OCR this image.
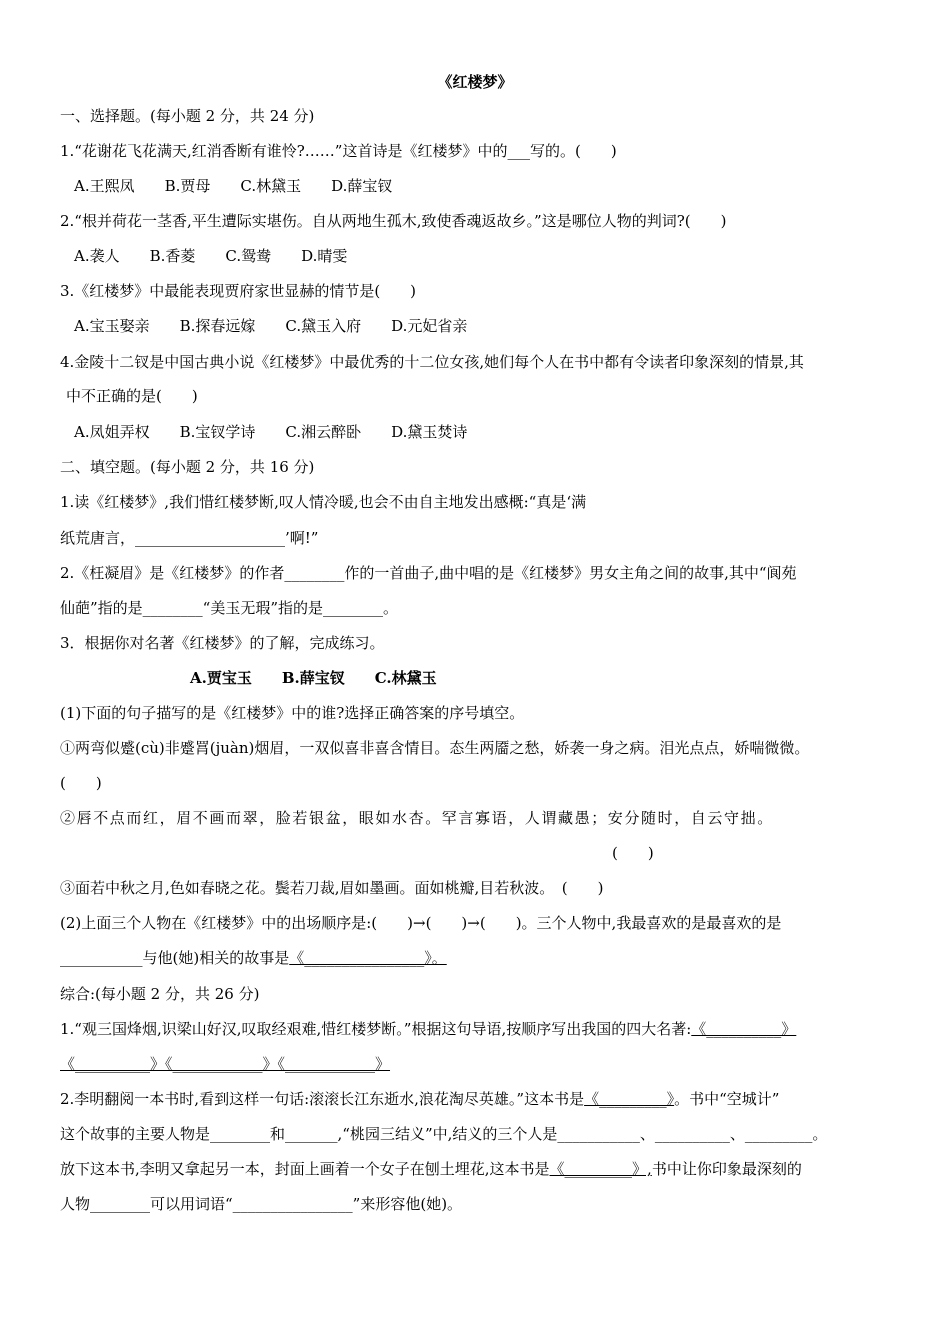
《红楼梦》
一、选择题。(每小题 2 分，共 24 分)
1.“花谢花飞花满天,红消香断有谁怜?……”这首诗是《红楼梦》中的___写的。(　　)
A.王熙凤　　B.贾母　　C.林黛玉　　D.薛宝钗
2.“根并荷花一茎香,平生遭际实堪伤。自从两地生孤木,致使香魂返故乡。”这是哪位人物的判词?(　　)
A.袭人　　B.香菱　　C.鸳鸯　　D.晴雯
3.《红楼梦》中最能表现贾府家世显赫的情节是(　　)
A.宝玉娶亲　　B.探春远嫁　　C.黛玉入府　　D.元妃省亲
4.金陵十二钗是中国古典小说《红楼梦》中最优秀的十二位女孩,她们每个人在书中都有令读者印象深刻的情景,其
中不正确的是(　　)
A.凤姐弄权　　B.宝钗学诗　　C.湘云醉卧　　D.黛玉焚诗
二、填空题。(每小题 2 分，共 16 分)
1.读《红楼梦》,我们惜红楼梦断,叹人情冷暖,也会不由自主地发出感概:“真是‘满
纸荒唐言，____________________’啊!”
2.《枉凝眉》是《红楼梦》的作者________作的一首曲子,曲中唱的是《红楼梦》男女主角之间的故事,其中“阆苑
仙葩”指的是________“美玉无瑕”指的是________。
3．根据你对名著《红楼梦》的了解，完成练习。
A.贾宝玉　　B.薛宝钗　　C.林黛玉
(1)下面的句子描写的是《红楼梦》中的谁?选择正确答案的序号填空。
①两弯似蹙(cù)非蹙罥(juàn)烟眉，一双似喜非喜含情目。态生两靥之愁，娇袭一身之病。泪光点点，娇喘微微。
(　　)
②唇不点而红，眉不画而翠，脸若银盆，眼如水杏。罕言寡语，人谓藏愚；安分随时，自云守拙。
(　　)
③面若中秋之月,色如春晓之花。鬓若刀裁,眉如墨画。面如桃瓣,目若秋波。　(　　)
(2)上面三个人物在《红楼梦》中的出场顺序是:(　　)→(　　)→(　　)。三个人物中,我最喜欢的是最喜欢的是
___________与他(她)相关的故事是《________________》。
综合:(每小题 2 分，共 26 分)
1.“观三国烽烟,识梁山好汉,叹取经艰难,惜红楼梦断。”根据这句导语,按顺序写出我国的四大名著:《__________》
《__________》《____________》《____________》
2.李明翻阅一本书时,看到这样一句话:滚滚长江东逝水,浪花淘尽英雄。”这本书是《_________》。书中“空城计”
这个故事的主要人物是________和_______,“桃园三结义”中,结义的三个人是___________、__________、_________。
放下这本书,李明又拿起另一本，封面上画着一个女子在刨土埋花,这本书是《_________》,书中让你印象最深刻的
人物________可以用词语“________________”来形容他(她)。
